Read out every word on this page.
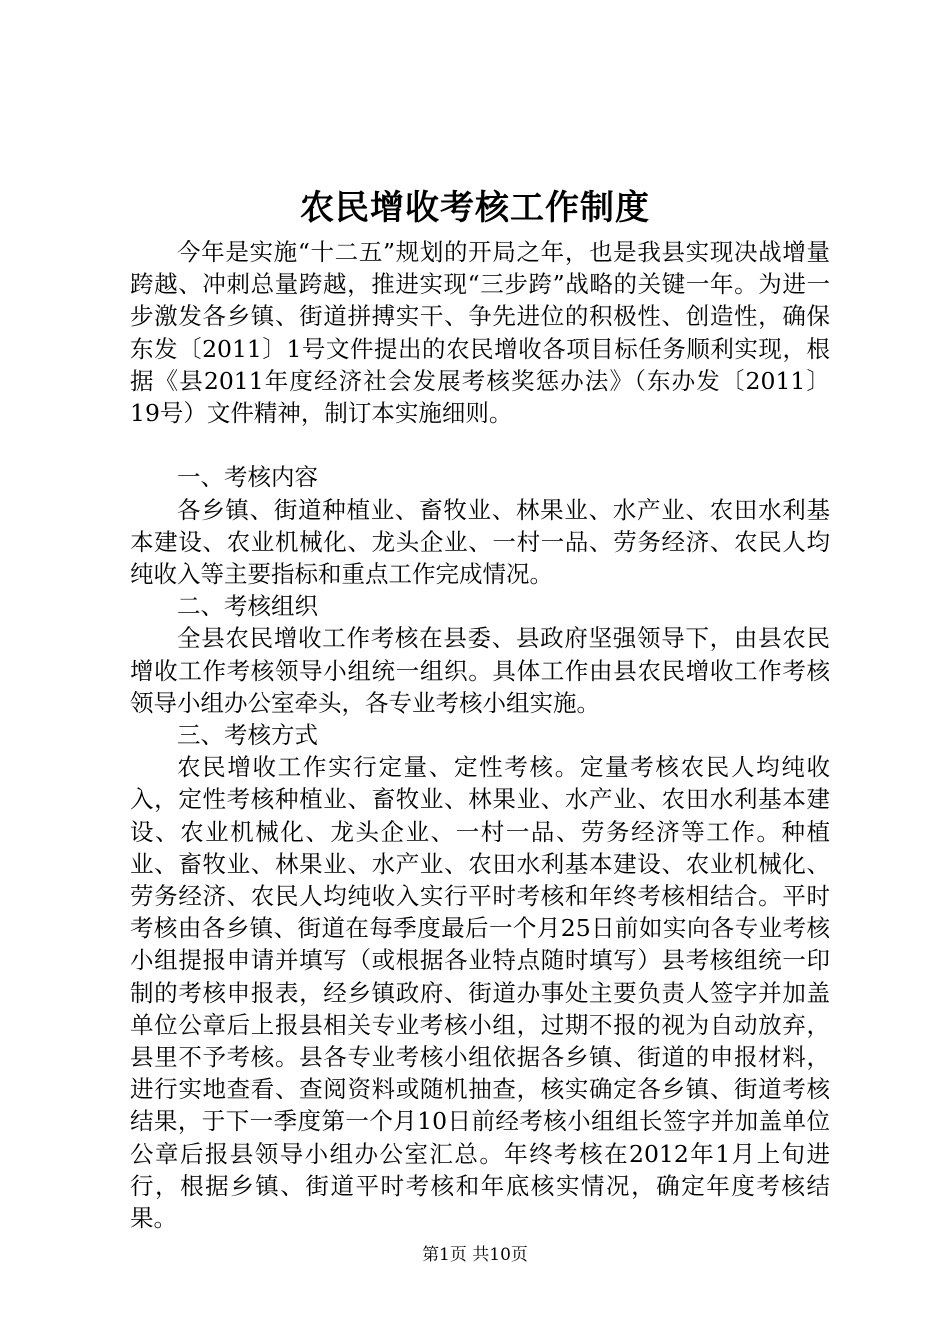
农民增收考核工作制度

今年是实施“十二五”规划的开局之年，也是我县实现决战增量跨越、冲刺总量跨越，推进实现“三步跨”战略的关键一年。为进一步激发各乡镇、街道拼搏实干、争先进位的积极性、创造性，确保东发〔2011〕1号文件提出的农民增收各项目标任务顺利实现，根据《县2011年度经济社会发展考核奖惩办法》（东办发〔2011〕19号）文件精神，制订本实施细则。

一、考核内容

各乡镇、街道种植业、畜牧业、林果业、水产业、农田水利基本建设、农业机械化、龙头企业、一村一品、劳务经济、农民人均纯收入等主要指标和重点工作完成情况。

二、考核组织

全县农民增收工作考核在县委、县政府坚强领导下，由县农民增收工作考核领导小组统一组织。具体工作由县农民增收工作考核领导小组办公室牵头，各专业考核小组实施。

三、考核方式

农民增收工作实行定量、定性考核。定量考核农民人均纯收入，定性考核种植业、畜牧业、林果业、水产业、农田水利基本建设、农业机械化、龙头企业、一村一品、劳务经济等工作。种植业、畜牧业、林果业、水产业、农田水利基本建设、农业机械化、劳务经济、农民人均纯收入实行平时考核和年终考核相结合。平时考核由各乡镇、街道在每季度最后一个月25日前如实向各专业考核小组提报申请并填写（或根据各业特点随时填写）县考核组统一印制的考核申报表，经乡镇政府、街道办事处主要负责人签字并加盖单位公章后上报县相关专业考核小组，过期不报的视为自动放弃，县里不予考核。县各专业考核小组依据各乡镇、街道的申报材料，进行实地查看、查阅资料或随机抽查，核实确定各乡镇、街道考核结果，于下一季度第一个月10日前经考核小组组长签字并加盖单位公章后报县领导小组办公室汇总。年终考核在2012年1月上旬进行，根据乡镇、街道平时考核和年底核实情况，确定年度考核结果。

第1页 共10页
